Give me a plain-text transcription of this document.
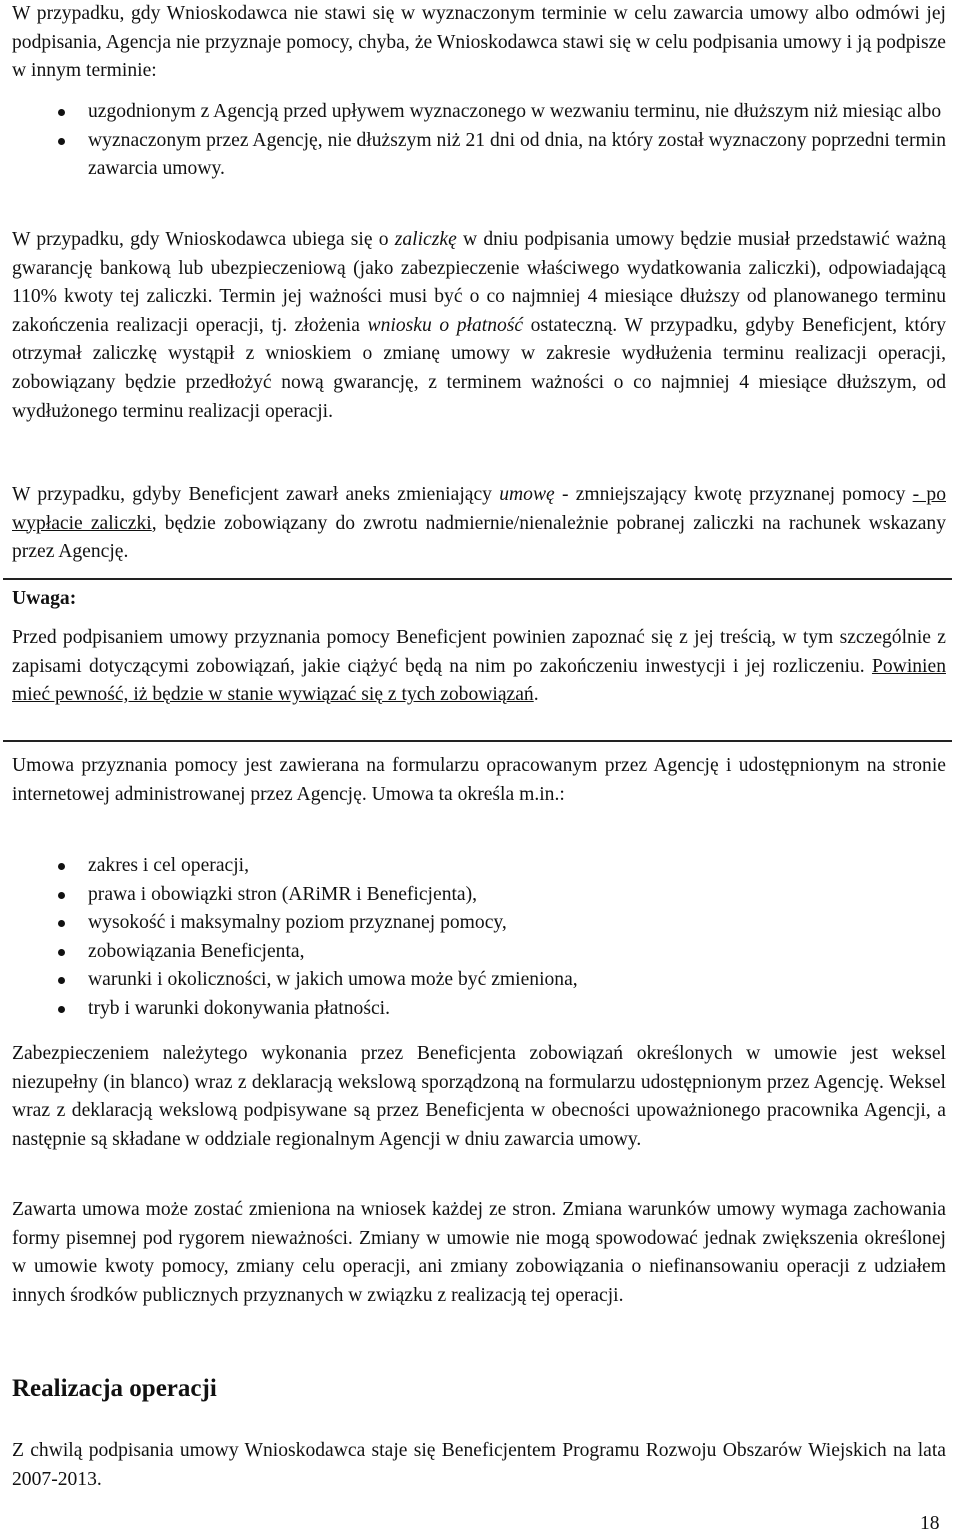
W przypadku, gdy Wnioskodawca nie stawi się w wyznaczonym terminie w celu zawarcia umowy albo odmówi jej podpisania, Agencja nie przyznaje pomocy, chyba, że Wnioskodawca stawi się w celu podpisania umowy i ją podpisze w innym terminie:

uzgodnionym z Agencją przed upływem wyznaczonego w wezwaniu terminu, nie dłuższym niż miesiąc albo
wyznaczonym przez Agencję, nie dłuższym niż 21 dni od dnia, na który został wyznaczony poprzedni termin zawarcia umowy.

W przypadku, gdy Wnioskodawca ubiega się o zaliczkę w dniu podpisania umowy będzie musiał przedstawić ważną gwarancję bankową lub ubezpieczeniową (jako zabezpieczenie właściwego wydatkowania zaliczki), odpowiadającą 110% kwoty tej zaliczki. Termin jej ważności musi być o co najmniej 4 miesiące dłuższy od planowanego terminu zakończenia realizacji operacji, tj. złożenia wniosku o płatność ostateczną. W przypadku, gdyby Beneficjent, który otrzymał zaliczkę wystąpił z wnioskiem o zmianę umowy w zakresie wydłużenia terminu realizacji operacji, zobowiązany będzie przedłożyć nową gwarancję, z terminem ważności o co najmniej 4 miesiące dłuższym, od wydłużonego terminu realizacji operacji.

W przypadku, gdyby Beneficjent zawarł aneks zmieniający umowę - zmniejszający kwotę przyznanej pomocy - po wypłacie zaliczki, będzie zobowiązany do zwrotu nadmiernie/nienależnie pobranej zaliczki na rachunek wskazany przez Agencję.

Uwaga:

Przed podpisaniem umowy przyznania pomocy Beneficjent powinien zapoznać się z jej treścią, w tym szczególnie z zapisami dotyczącymi zobowiązań, jakie ciążyć będą na nim po zakończeniu inwestycji i jej rozliczeniu. Powinien mieć pewność, iż będzie w stanie wywiązać się z tych zobowiązań.

Umowa przyznania pomocy jest zawierana na formularzu opracowanym przez Agencję i udostępnionym na stronie internetowej administrowanej przez Agencję. Umowa ta określa m.in.:

zakres i cel operacji,
prawa i obowiązki stron (ARiMR i Beneficjenta),
wysokość i maksymalny poziom przyznanej pomocy,
zobowiązania Beneficjenta,
warunki i okoliczności, w jakich umowa może być zmieniona,
tryb i warunki dokonywania płatności.

Zabezpieczeniem należytego wykonania przez Beneficjenta zobowiązań określonych w umowie jest weksel niezupełny (in blanco) wraz z deklaracją wekslową sporządzoną na formularzu udostępnionym przez Agencję. Weksel wraz z deklaracją wekslową podpisywane są przez Beneficjenta w obecności upoważnionego pracownika Agencji, a następnie są składane w oddziale regionalnym Agencji w dniu zawarcia umowy.

Zawarta umowa może zostać zmieniona na wniosek każdej ze stron. Zmiana warunków umowy wymaga zachowania formy pisemnej pod rygorem nieważności. Zmiany w umowie nie mogą spowodować jednak zwiększenia określonej w umowie kwoty pomocy, zmiany celu operacji, ani zmiany zobowiązania o niefinansowaniu operacji z udziałem innych środków publicznych przyznanych w związku z realizacją tej operacji.

Realizacja operacji

Z chwilą podpisania umowy Wnioskodawca staje się Beneficjentem Programu Rozwoju Obszarów Wiejskich na lata 2007-2013.

18
